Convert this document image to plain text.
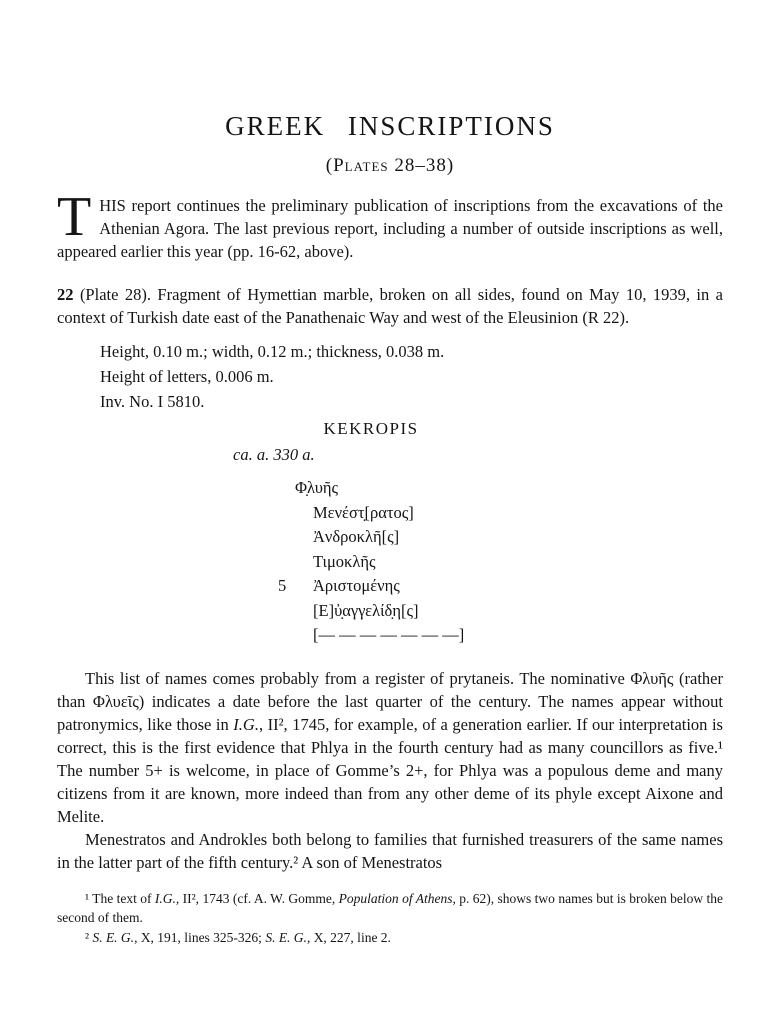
GREEK INSCRIPTIONS
(Plates 28–38)

THIS report continues the preliminary publication of inscriptions from the excavations of the Athenian Agora. The last previous report, including a number of outside inscriptions as well, appeared earlier this year (pp. 16-62, above).

22 (Plate 28). Fragment of Hymettian marble, broken on all sides, found on May 10, 1939, in a context of Turkish date east of the Panathenaic Way and west of the Eleusinion (R 22).

Height, 0.10 m.; width, 0.12 m.; thickness, 0.038 m.
Height of letters, 0.006 m.
Inv. No. I 5810.
KEKROPIS
ca. a. 330 a.
Φ̣λυῆς
Μενέστ̣[ρατος]
Ἀνδροκλῆ[ς]
Τιμοκλῆς
5 Ἀριστομένης
[Ε]ὐ̣αγγελίδ̣η[ς]
[— — — — — — —]

This list of names comes probably from a register of prytaneis. The nominative Φλυῆς (rather than Φλυεῖς) indicates a date before the last quarter of the century. The names appear without patronymics, like those in I.G., II², 1745, for example, of a generation earlier. If our interpretation is correct, this is the first evidence that Phlya in the fourth century had as many councillors as five.¹ The number 5+ is welcome, in place of Gomme’s 2+, for Phlya was a populous deme and many citizens from it are known, more indeed than from any other deme of its phyle except Aixone and Melite.

Menestratos and Androkles both belong to families that furnished treasurers of the same names in the latter part of the fifth century.² A son of Menestratos

¹ The text of I.G., II², 1743 (cf. A. W. Gomme, Population of Athens, p. 62), shows two names but is broken below the second of them.

² S. E. G., X, 191, lines 325-326; S. E. G., X, 227, line 2.
